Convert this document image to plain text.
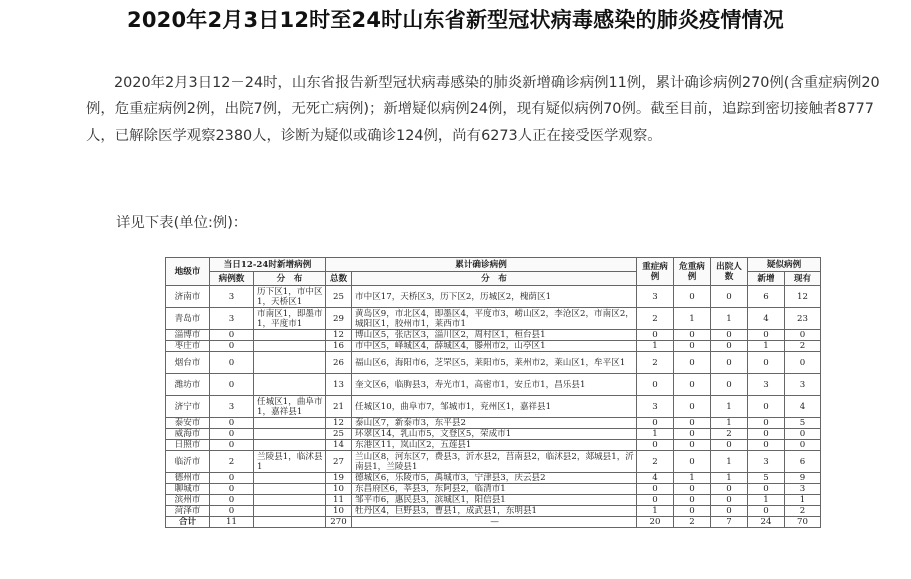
2020年2月3日12时至24时山东省新型冠状病毒感染的肺炎疫情情况
2020年2月3日12－24时，山东省报告新型冠状病毒感染的肺炎新增确诊病例11例，累计确诊病例270例(含重症病例20例，危重症病例2例，出院7例，无死亡病例)；新增疑似病例24例，现有疑似病例70例。截至目前，追踪到密切接触者8777人，已解除医学观察2380人，诊断为疑似或确诊124例，尚有6273人正在接受医学观察。
详见下表(单位:例)：
地级市	当日12-24时新增病例		累计确诊病例		重症病例	危重病例	出院人数	疑似病例	
	病例数	分　布	总数	分　布				新增	现有
济南市	3	历下区1，市中区1，天桥区1	25	市中区17，天桥区3，历下区2，历城区2，槐荫区1	3	0	0	6	12
青岛市	3	市南区1，即墨市1，平度市1	29	黄岛区9，市北区4，即墨区4，平度市3，崂山区2，李沧区2，市南区2，城阳区1，胶州市1，莱西市1	2	1	1	4	23
淄博市	0		12	博山区5，张店区3，淄川区2，周村区1，桓台县1	0	0	0	0	0
枣庄市	0		16	市中区5，峄城区4，薛城区4，滕州市2，山亭区1	1	0	0	1	2
烟台市	0		26	福山区6，海阳市6，芝罘区5，莱阳市5，莱州市2，莱山区1，牟平区1	2	0	0	0	0
潍坊市	0		13	奎文区6，临朐县3，寿光市1，高密市1，安丘市1，昌乐县1	0	0	0	3	3
济宁市	3	任城区1，曲阜市1，嘉祥县1	21	任城区10，曲阜市7，邹城市1，兖州区1，嘉祥县1	3	0	1	0	4
泰安市	0		12	泰山区7，新泰市3，东平县2	0	0	1	0	5
威海市	0		25	环翠区14，乳山市5，文登区5，荣成市1	1	0	2	0	0
日照市	0		14	东港区11，岚山区2，五莲县1	0	0	0	0	0
临沂市	2	兰陵县1，临沭县1	27	兰山区8，河东区7，费县3，沂水县2，莒南县2，临沭县2，郯城县1，沂南县1，兰陵县1	2	0	1	3	6
德州市	0		19	德城区6，乐陵市5，禹城市3，宁津县3，庆云县2	4	1	1	5	9
聊城市	0		10	东昌府区6，莘县3，东阿县2，临清市1	0	0	0	0	3
滨州市	0		11	邹平市6，惠民县3，滨城区1，阳信县1	0	0	0	1	1
菏泽市	0		10	牡丹区4，巨野县3，曹县1，成武县1，东明县1	1	0	0	0	2
合计	11		270	—	20	2	7	24	70
